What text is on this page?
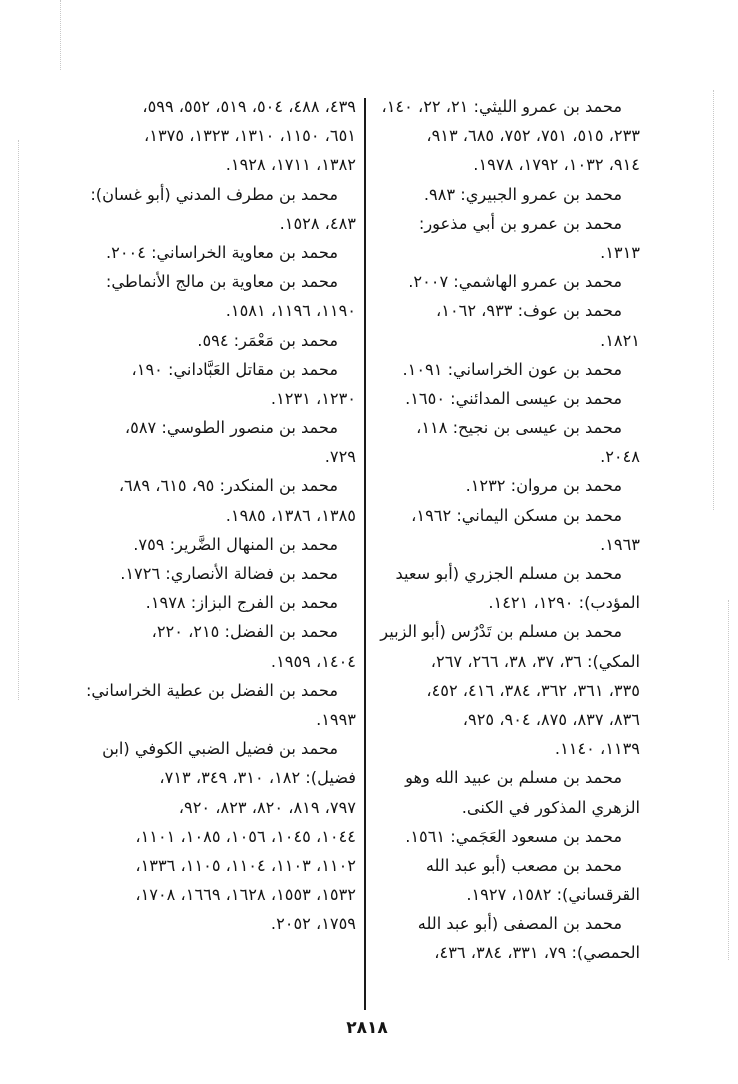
محمد بن عمرو الليثي: ٢١، ٢٢، ١٤٠،
٢٣٣، ٥١٥، ٧٥١، ٧٥٢، ٦٨٥، ٩١٣،
٩١٤، ١٠٣٢، ١٧٩٢، ١٩٧٨.
محمد بن عمرو الجبيري: ٩٨٣.
محمد بن عمرو بن أبي مذعور:
١٣١٣.
محمد بن عمرو الهاشمي: ٢٠٠٧.
محمد بن عوف: ٩٣٣، ١٠٦٢،
١٨٢١.
محمد بن عون الخراساني: ١٠٩١.
محمد بن عيسى المدائني: ١٦٥٠.
محمد بن عيسى بن نجيح: ١١٨،
٢٠٤٨.
محمد بن مروان: ١٢٣٢.
محمد بن مسكن اليماني: ١٩٦٢،
١٩٦٣.
محمد بن مسلم الجزري (أبو سعيد
المؤدب): ١٢٩٠، ١٤٢١.
محمد بن مسلم بن تَدْرُس (أبو الزبير
المكي): ٣٦، ٣٧، ٣٨، ٢٦٦، ٢٦٧،
٣٣٥، ٣٦١، ٣٦٢، ٣٨٤، ٤١٦، ٤٥٢،
٨٣٦، ٨٣٧، ٨٧٥، ٩٠٤، ٩٢٥،
١١٣٩، ١١٤٠.
محمد بن مسلم بن عبيد الله وهو
الزهري المذكور في الكنى.
محمد بن مسعود العَجَمي: ١٥٦١.
محمد بن مصعب (أبو عبد الله
القرقساني): ١٥٨٢، ١٩٢٧.
محمد بن المصفى (أبو عبد الله
الحمصي): ٧٩، ٣٣١، ٣٨٤، ٤٣٦،
٤٣٩، ٤٨٨، ٥٠٤، ٥١٩، ٥٥٢، ٥٩٩،
٦٥١، ١١٥٠، ١٣١٠، ١٣٢٣، ١٣٧٥،
١٣٨٢، ١٧١١، ١٩٢٨.
محمد بن مطرف المدني (أبو غسان):
٤٨٣، ١٥٢٨.
محمد بن معاوية الخراساني: ٢٠٠٤.
محمد بن معاوية بن مالج الأنماطي:
١١٩٠، ١١٩٦، ١٥٨١.
محمد بن مَعْمَر: ٥٩٤.
محمد بن مقاتل العَبَّاداني: ١٩٠،
١٢٣٠، ١٢٣١.
محمد بن منصور الطوسي: ٥٨٧،
٧٢٩.
محمد بن المنكدر: ٩٥، ٦١٥، ٦٨٩،
١٣٨٥، ١٣٨٦، ١٩٨٥.
محمد بن المنهال الضَّرير: ٧٥٩.
محمد بن فضالة الأنصاري: ١٧٢٦.
محمد بن الفرج البزاز: ١٩٧٨.
محمد بن الفضل: ٢١٥، ٢٢٠،
١٤٠٤، ١٩٥٩.
محمد بن الفضل بن عطية الخراساني:
١٩٩٣.
محمد بن فضيل الضبي الكوفي (ابن
فضيل): ١٨٢، ٣١٠، ٣٤٩، ٧١٣،
٧٩٧، ٨١٩، ٨٢٠، ٨٢٣، ٩٢٠،
١٠٤٤، ١٠٤٥، ١٠٥٦، ١٠٨٥، ١١٠١،
١١٠٢، ١١٠٣، ١١٠٤، ١١٠٥، ١٣٣٦،
١٥٣٢، ١٥٥٣، ١٦٢٨، ١٦٦٩، ١٧٠٨،
١٧٥٩، ٢٠٥٢.
٢٨١٨
